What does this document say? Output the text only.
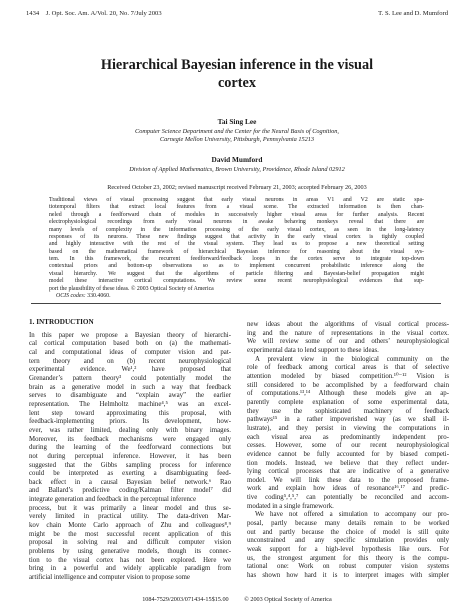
1434    J. Opt. Soc. Am. A/Vol. 20, No. 7/July 2003	T. S. Lee and D. Mumford
Hierarchical Bayesian inference in the visual
cortex
Tai Sing Lee
Computer Science Department and the Center for the Neural Basis of Cognition,
Carnegie Mellon University, Pittsburgh, Pennsylvania 15213
David Mumford
Division of Applied Mathematics, Brown University, Providence, Rhode Island 02912
Received October 23, 2002; revised manuscript received February 21, 2003; accepted February 26, 2003
Traditional views of visual processing suggest that early visual neurons in areas V1 and V2 are static spa-
tiotemporal filters that extract local features from a visual scene. The extracted information is then chan-
neled through a feedforward chain of modules in successively higher visual areas for further analysis. Recent
electrophysiological recordings from early visual neurons in awake behaving monkeys reveal that there are
many levels of complexity in the information processing of the early visual cortex, as seen in the long-latency
responses of its neurons. These new findings suggest that activity in the early visual cortex is tightly coupled
and highly interactive with the rest of the visual system. They lead us to propose a new theoretical setting
based on the mathematical framework of hierarchical Bayesian inference for reasoning about the visual sys-
tem. In this framework, the recurrent feedforward/feedback loops in the cortex serve to integrate top-down
contextual priors and bottom-up observations so as to implement concurrent probabilistic inference along the
visual hierarchy. We suggest that the algorithms of particle filtering and Bayesian-belief propagation might
model these interactive cortical computations. We review some recent neurophysiological evidences that sup-
port the plausibility of these ideas. © 2003 Optical Society of America
OCIS codes: 330.4060.
1. INTRODUCTION
In this paper we propose a Bayesian theory of hierarchi-
cal cortical computation based both on (a) the mathemati-
cal and computational ideas of computer vision and pat-
tern theory and on (b) recent neurophysiological
experimental evidence. We¹,² have proposed that
Grenander’s pattern theory³ could potentially model the
brain as a generative model in such a way that feedback
serves to disambiguate and “explain away” the earlier
representation. The Helmholtz machine⁴,⁵ was an excel-
lent step toward approximating this proposal, with
feedback-implementing priors. Its development, how-
ever, was rather limited, dealing only with binary images.
Moreover, its feedback mechanisms were engaged only
during the learning of the feedforward connections but
not during perceptual inference. However, it has been
suggested that the Gibbs sampling process for inference
could be interpreted as exerting a disambiguating feed-
back effect in a causal Bayesian belief network.⁶ Rao
and Ballard’s predictive coding/Kalman filter model⁷ did
integrate generation and feedback in the perceptual inference
process, but it was primarily a linear model and thus se-
verely limited in practical utility. The data-driven Mar-
kov chain Monte Carlo approach of Zhu and colleagues⁸,⁹
might be the most successful recent application of this
proposal in solving real and difficult computer vision
problems by using generative models, though its connec-
tion to the visual cortex has not been explored. Here we
bring in a powerful and widely applicable paradigm from
artificial intelligence and computer vision to propose some
new ideas about the algorithms of visual cortical process-
ing and the nature of representations in the visual cortex.
We will review some of our and others’ neurophysiological
experimental data to lend support to these ideas.
A prevalent view in the biological community on the
role of feedback among cortical areas is that of selective
attention modeled by biased competition.¹⁰⁻¹² Vision is
still considered to be accomplished by a feedforward chain
of computations.¹³,¹⁴ Although these models give an ap-
parently complete explanation of some experimental data,
they use the sophisticated machinery of feedback
pathways¹⁵ in a rather impoverished way (as we shall il-
lustrate), and they persist in viewing the computations in
each visual area as predominantly independent pro-
cesses. However, some of our recent neurophysiological
evidence cannot be fully accounted for by biased competi-
tion models. Instead, we believe that they reflect under-
lying cortical processes that are indicative of a generative
model. We will link these data to the proposed frame-
work and explain how ideas of resonance¹⁶,¹⁷ and predic-
tive coding⁵,⁴,⁵,⁷ can potentially be reconciled and accom-
modated in a single framework.
We have not offered a simulation to accompany our pro-
posal, partly because many details remain to be worked
out and partly because the choice of model is still quite
unconstrained and any specific simulation provides only
weak support for a high-level hypothesis like ours. For
us, the strongest argument for this theory is the compu-
tational one: Work on robust computer vision systems
has shown how hard it is to interpret images with simpler
1084-7529/2003/071434-15$15.00          © 2003 Optical Society of America
